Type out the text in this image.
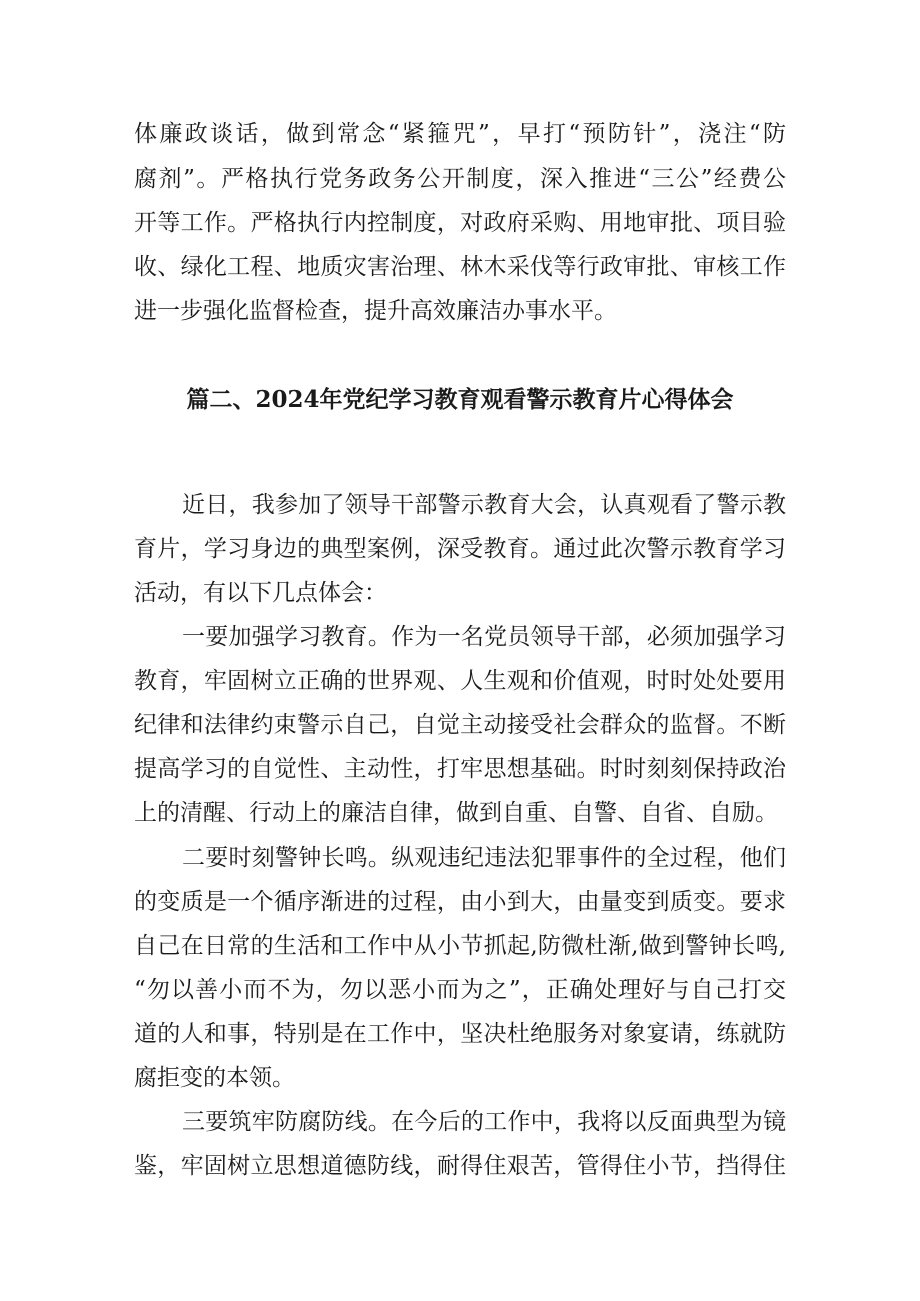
体廉政谈话，做到常念“紧箍咒”，早打“预防针”，浇注“防
腐剂”。严格执行党务政务公开制度，深入推进“三公”经费公
开等工作。严格执行内控制度，对政府采购、用地审批、项目验
收、绿化工程、地质灾害治理、林木采伐等行政审批、审核工作
进一步强化监督检查，提升高效廉洁办事水平。
篇二、2024年党纪学习教育观看警示教育片心得体会
近日，我参加了领导干部警示教育大会，认真观看了警示教
育片，学习身边的典型案例，深受教育。通过此次警示教育学习
活动，有以下几点体会：
一要加强学习教育。作为一名党员领导干部，必须加强学习
教育，牢固树立正确的世界观、人生观和价值观，时时处处要用
纪律和法律约束警示自己，自觉主动接受社会群众的监督。不断
提高学习的自觉性、主动性，打牢思想基础。时时刻刻保持政治
上的清醒、行动上的廉洁自律，做到自重、自警、自省、自励。
二要时刻警钟长鸣。纵观违纪违法犯罪事件的全过程，他们
的变质是一个循序渐进的过程，由小到大，由量变到质变。要求
自己在日常的生活和工作中从小节抓起,防微杜渐,做到警钟长鸣,
“勿以善小而不为，勿以恶小而为之”，正确处理好与自己打交
道的人和事，特别是在工作中，坚决杜绝服务对象宴请，练就防
腐拒变的本领。
三要筑牢防腐防线。在今后的工作中，我将以反面典型为镜
鉴，牢固树立思想道德防线，耐得住艰苦，管得住小节，挡得住
